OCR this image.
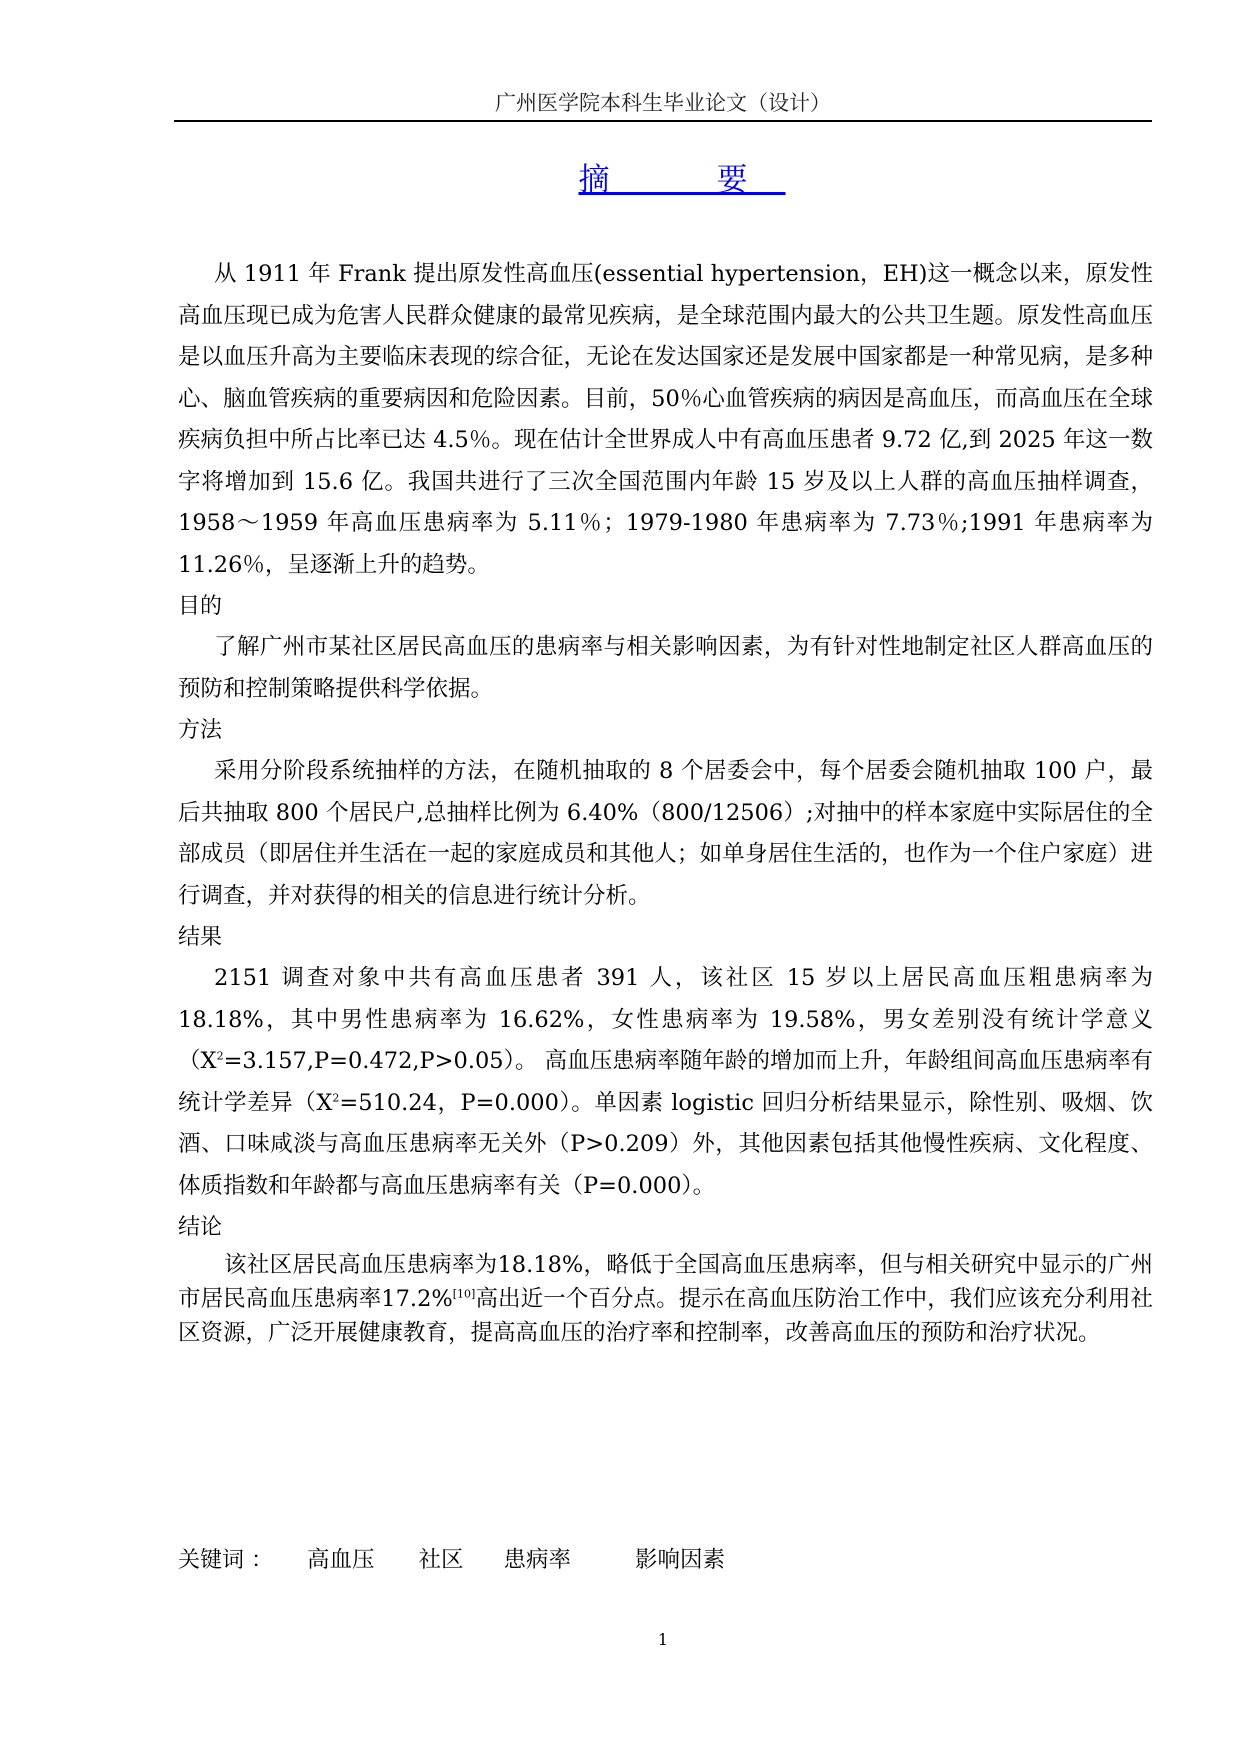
广州医学院本科生毕业论文（设计）
摘　要

从 1911 年 Frank 提出原发性高血压(essential hypertension，EH)这一概念以来，原发性高血压现已成为危害人民群众健康的最常见疾病，是全球范围内最大的公共卫生题。原发性高血压是以血压升高为主要临床表现的综合征，无论在发达国家还是发展中国家都是一种常见病，是多种心、脑血管疾病的重要病因和危险因素。目前，50％心血管疾病的病因是高血压，而高血压在全球疾病负担中所占比率已达 4.5％。现在估计全世界成人中有高血压患者 9.72 亿,到 2025 年这一数字将增加到 15.6 亿。我国共进行了三次全国范围内年龄 15 岁及以上人群的高血压抽样调查，1958～1959 年高血压患病率为 5.11％；1979-1980 年患病率为 7.73％;1991 年患病率为 11.26％，呈逐渐上升的趋势。

目的

了解广州市某社区居民高血压的患病率与相关影响因素，为有针对性地制定社区人群高血压的预防和控制策略提供科学依据。

方法

采用分阶段系统抽样的方法，在随机抽取的 8 个居委会中，每个居委会随机抽取 100 户，最后共抽取 800 个居民户,总抽样比例为 6.40%（800/12506）;对抽中的样本家庭中实际居住的全部成员（即居住并生活在一起的家庭成员和其他人；如单身居住生活的，也作为一个住户家庭）进行调查，并对获得的相关的信息进行统计分析。

结果

2151 调查对象中共有高血压患者 391 人，该社区 15 岁以上居民高血压粗患病率为 18.18%，其中男性患病率为 16.62%，女性患病率为 19.58%，男女差别没有统计学意义$(X^2=3.157,P=0.472,P>0.05)$。 高血压患病率随年龄的增加而上升，年龄组间高血压患病率有统计学差异（$X^2=510.24$，P=0.000）。单因素 logistic 回归分析结果显示，除性别、吸烟、饮酒、口味咸淡与高血压患病率无关外（P>0.209）外，其他因素包括其他慢性疾病、文化程度、体质指数和年龄都与高血压患病率有关（P=0.000）。

结论

该社区居民高血压患病率为18.18%，略低于全国高血压患病率，但与相关研究中显示的广州市居民高血压患病率17.2%[10]高出近一个百分点。提示在高血压防治工作中，我们应该充分利用社区资源，广泛开展健康教育，提高高血压的治疗率和控制率，改善高血压的预防和治疗状况。

关键词 ： 高血压 社区 患病率	影响因素
1
